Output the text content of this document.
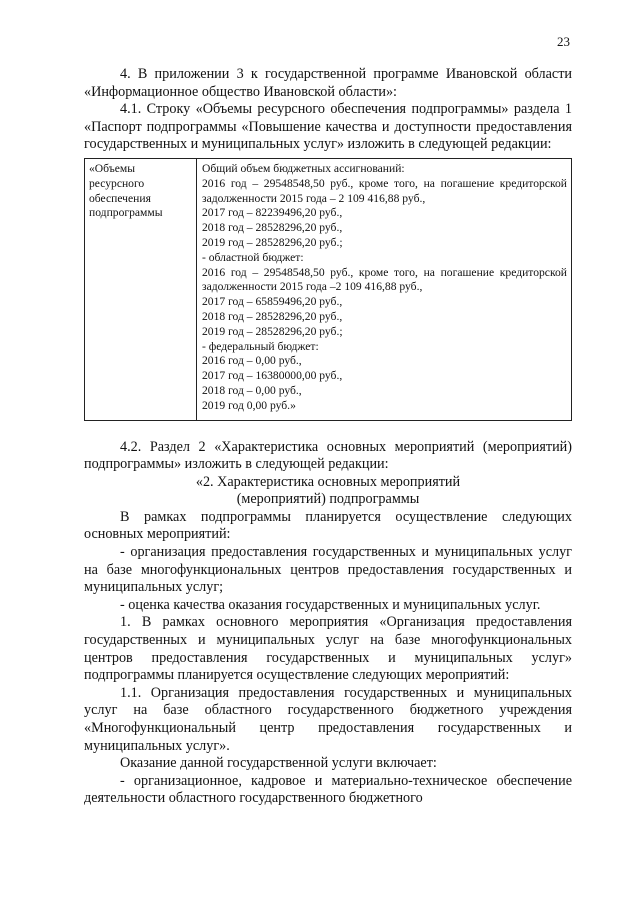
23

4. В приложении 3 к государственной программе Ивановской области «Информационное общество Ивановской области»:

4.1. Строку «Объемы ресурсного обеспечения подпрограммы» раздела 1 «Паспорт подпрограммы «Повышение качества и доступности предоставления государственных и муниципальных услуг» изложить в следующей редакции:

«Объемы
ресурсного
обеспечения
подпрограммы
Общий объем бюджетных ассигнований:
2016 год – 29548548,50 руб., кроме того, на погашение кредиторской задолженности 2015 года – 2 109 416,88 руб.,
2017 год – 82239496,20 руб.,
2018 год – 28528296,20 руб.,
2019 год – 28528296,20 руб.;
- областной бюджет:
2016 год – 29548548,50 руб., кроме того, на погашение кредиторской задолженности 2015 года –2 109 416,88 руб.,
2017 год – 65859496,20 руб.,
2018 год – 28528296,20 руб.,
2019 год – 28528296,20 руб.;
- федеральный бюджет:
2016 год – 0,00 руб.,
2017 год – 16380000,00 руб.,
2018 год – 0,00 руб.,
2019 год 0,00 руб.»

4.2. Раздел 2 «Характеристика основных мероприятий (мероприятий) подпрограммы» изложить в следующей редакции:

«2. Характеристика основных мероприятий

(мероприятий) подпрограммы

В рамках подпрограммы планируется осуществление следующих основных мероприятий:

- организация предоставления государственных и муниципальных услуг на базе многофункциональных центров предоставления государственных и муниципальных услуг;

- оценка качества оказания государственных и муниципальных услуг.

1. В рамках основного мероприятия «Организация предоставления государственных и муниципальных услуг на базе многофункциональных центров предоставления государственных и муниципальных услуг» подпрограммы планируется осуществление следующих мероприятий:

1.1. Организация предоставления государственных и муниципальных услуг на базе областного государственного бюджетного учреждения «Многофункциональный центр предоставления государственных и муниципальных услуг».

Оказание данной государственной услуги включает:

- организационное, кадровое и материально-техническое обеспечение деятельности областного государственного бюджетного
